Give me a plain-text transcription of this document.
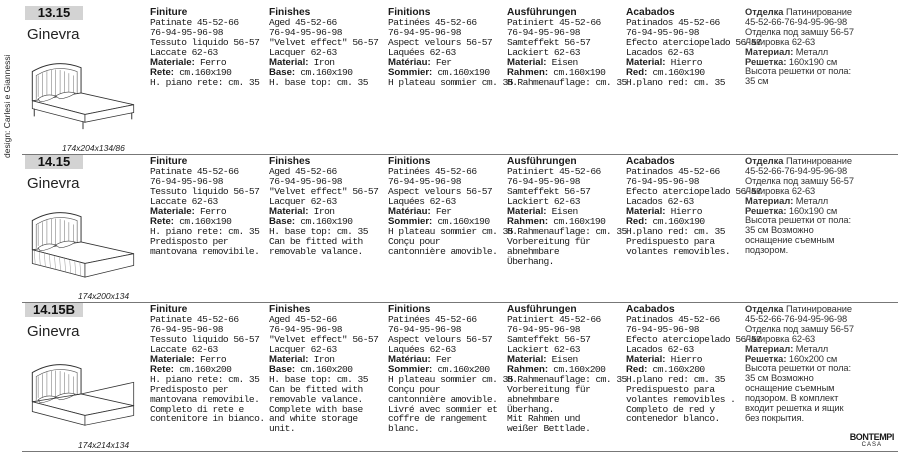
design: Carlesi e Giannessi
13.15
Ginevra
174x204x134/86
Finiture
Patinate 45-52-66
76-94-95-96-98
Tessuto liquido 56-57
Laccate 62-63
Materiale: Ferro
Rete: cm.160x190
H. piano rete: cm. 35
Finishes
Aged 45-52-66
76-94-95-96-98
"Velvet effect" 56-57
Lacquer 62-63
Material: Iron
Base: cm.160x190
H. base top: cm. 35
Finitions
Patinées 45-52-66
76-94-95-96-98
Aspect velours 56-57
Laquées 62-63
Matériau: Fer
Sommier: cm.160x190
H plateau sommier cm. 35
Ausführungen
Patiniert 45-52-66
76-94-95-96-98
Samteffekt 56-57
Lackiert 62-63
Material: Eisen
Rahmen: cm.160x190
H.Rahmenauflage: cm. 35
Acabados
Patinados 45-52-66
76-94-95-96-98
Efecto aterciopelado 56-57
Lacados 62-63
Material: Hierro
Red: cm.160x190
H.plano red: cm. 35
Отделка Патинирование
45-52-66-76-94-95-96-98
Отделка под замшу 56-57
Лакировка 62-63
Материал: Металл
Решетка: 160х190 см
Высота решетки от пола:
35 см
14.15
Ginevra
174x200x134
Finiture
Patinate 45-52-66
76-94-95-96-98
Tessuto liquido 56-57
Laccate 62-63
Materiale: Ferro
Rete: cm.160x190
H. piano rete: cm. 35
Predisposto per
mantovana removibile.
Finishes
Aged 45-52-66
76-94-95-96-98
"Velvet effect" 56-57
Lacquer 62-63
Material: Iron
Base: cm.160x190
H. base top: cm. 35
Can be fitted with
removable valance.
Finitions
Patinées 45-52-66
76-94-95-96-98
Aspect velours 56-57
Laquées 62-63
Matériau: Fer
Sommier: cm.160x190
H plateau sommier cm. 35
Conçu pour
cantonnière amovible.
Ausführungen
Patiniert 45-52-66
76-94-95-96-98
Samteffekt 56-57
Lackiert 62-63
Material: Eisen
Rahmen: cm.160x190
H.Rahmenauflage: cm. 35
Vorbereitung für
abnehmbare
Überhang.
Acabados
Patinados 45-52-66
76-94-95-96-98
Efecto aterciopelado 56-57
Lacados 62-63
Material: Hierro
Red: cm.160x190
H.plano red: cm. 35
Predispuesto para
volantes removibles.
Отделка Патинирование
45-52-66-76-94-95-96-98
Отделка под замшу 56-57
Лакировка 62-63
Материал: Металл
Решетка: 160х190 см
Высота решетки от пола:
35 см Возможно
оснащение съемным
подзором.
14.15B
Ginevra
174x214x134
Finiture
Patinate 45-52-66
76-94-95-96-98
Tessuto liquido 56-57
Laccate 62-63
Materiale: Ferro
Rete: cm.160x200
H. piano rete: cm. 35
Predisposto per
mantovana removibile.
Completo di rete e
contenitore in bianco.
Finishes
Aged 45-52-66
76-94-95-96-98
"Velvet effect" 56-57
Lacquer 62-63
Material: Iron
Base: cm.160x200
H. base top: cm. 35
Can be fitted with
removable valance.
Complete with base
and white storage
unit.
Finitions
Patinées 45-52-66
76-94-95-96-98
Aspect velours 56-57
Laquées 62-63
Matériau: Fer
Sommier: cm.160x200
H plateau sommier cm. 35
Conçu pour
cantonnière amovible.
Livré avec sommier et
coffre de rangement
blanc.
Ausführungen
Patiniert 45-52-66
76-94-95-96-98
Samteffekt 56-57
Lackiert 62-63
Material: Eisen
Rahmen: cm.160x200
H.Rahmenauflage: cm. 35
Vorbereitung für
abnehmbare
Überhang.
Mit Rahmen und
weißer Bettlade.
Acabados
Patinados 45-52-66
76-94-95-96-98
Efecto aterciopelado 56-57
Lacados 62-63
Material: Hierro
Red: cm.160x200
H.plano red: cm. 35
Predispuesto para
volantes removibles .
Completo de red y
contenedor blanco.
Отделка Патинирование
45-52-66-76-94-95-96-98
Отделка под замшу 56-57
Лакировка 62-63
Материал: Металл
Решетка: 160х200 см
Высота решетки от пола:
35 см Возможно
оснащение съемным
подзором. В комплект
входит решетка и ящик
без покрытия.
BONTEMPI
CASA
